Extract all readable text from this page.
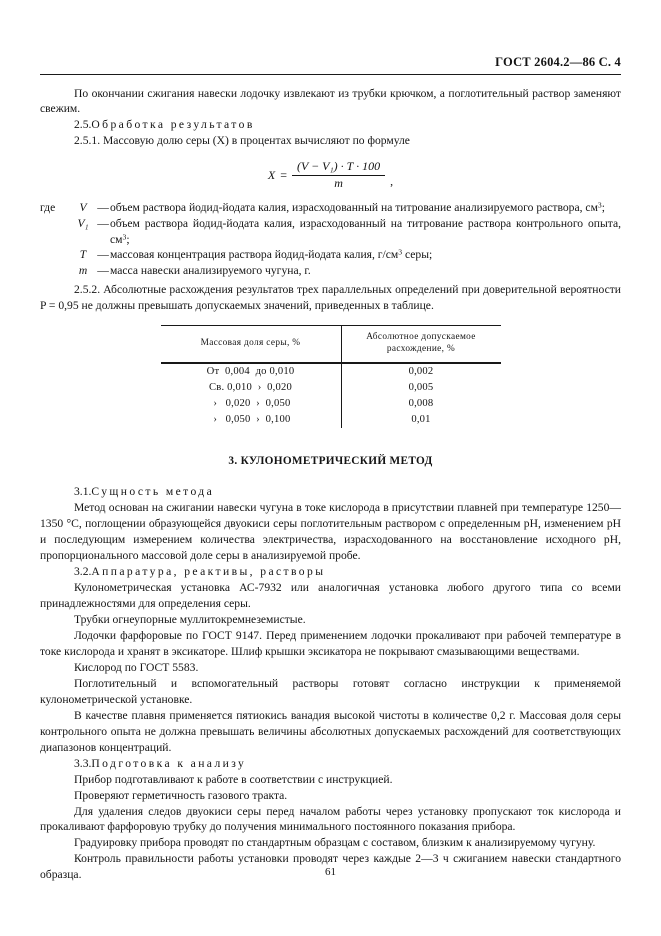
ГОСТ 2604.2—86 С. 4

По окончании сжигания навески лодочку извлекают из трубки крючком, а поглотительный раствор заменяют свежим.

2.5.Обработка результатов

2.5.1. Массовую долю серы (X) в процентах вычисляют по формуле

$X = \frac{\text{(V − V₁) · T · 100}}{m}$ ,
где	V — объем раствора йодид-йодата калия, израсходованный на титрование анализируемого раствора, $см^3$;
V₁ — объем раствора йодид-йодата калия, израсходованный на титрование раствора контрольного опыта, $см^3$;
T — массовая концентрация раствора йодид-йодата калия, $г/см^3$ серы;
m — масса навески анализируемого чугуна, г.

2.5.2. Абсолютные расхождения результатов трех параллельных определений при доверительной вероятности P = 0,95 не должны превышать допускаемых значений, приведенных в таблице.

Массовая доля серы, %	Абсолютное допускаемое расхождение, %
От  0,004  до 0,010	0,002
Св. 0,010  ›  0,020	0,005
›   0,020  ›  0,050	0,008
›   0,050  ›  0,100	0,01
3. КУЛОНОМЕТРИЧЕСКИЙ МЕТОД

3.1.Сущность метода

Метод основан на сжигании навески чугуна в токе кислорода в присутствии плавней при температуре 1250—1350 °С, поглощении образующейся двуокиси серы поглотительным раствором с определенным pH, изменением pH и последующим измерением количества электричества, израсходованного на восстановление исходного pH, пропорционального массовой доле серы в анализируемой пробе.

3.2.Аппаратура, реактивы, растворы

Кулонометрическая установка АС-7932 или аналогичная установка любого другого типа со всеми принадлежностями для определения серы.

Трубки огнеупорные муллитокремнеземистые.

Лодочки фарфоровые по ГОСТ 9147. Перед применением лодочки прокаливают при рабочей температуре в токе кислорода и хранят в эксикаторе. Шлиф крышки эксикатора не покрывают смазывающими веществами.

Кислород по ГОСТ 5583.

Поглотительный и вспомогательный растворы готовят согласно инструкции к применяемой кулонометрической установке.

В качестве плавня применяется пятиокись ванадия высокой чистоты в количестве 0,2 г. Массовая доля серы контрольного опыта не должна превышать величины абсолютных допускаемых расхождений для соответствующих диапазонов концентраций.

3.3.Подготовка к анализу

Прибор подготавливают к работе в соответствии с инструкцией.

Проверяют герметичность газового тракта.

Для удаления следов двуокиси серы перед началом работы через установку пропускают ток кислорода и прокаливают фарфоровую трубку до получения минимального постоянного показания прибора.

Градуировку прибора проводят по стандартным образцам с составом, близким к анализируемому чугуну.

Контроль правильности работы установки проводят через каждые 2—3 ч сжиганием навески стандартного образца.	61
